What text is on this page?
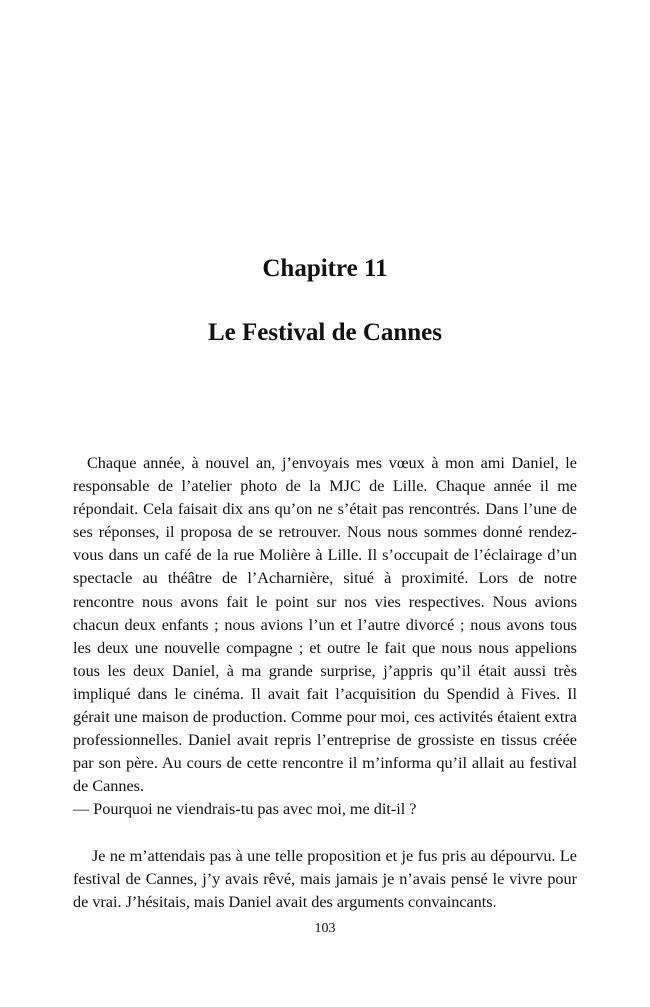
Chapitre 11
Le Festival de Cannes

Chaque année, à nouvel an, j’envoyais mes vœux à mon ami Daniel, le responsable de l’atelier photo de la MJC de Lille. Chaque année il me répondait. Cela faisait dix ans qu’on ne s’était pas rencontrés. Dans l’une de ses réponses, il proposa de se retrouver. Nous nous sommes donné rendez-vous dans un café de la rue Molière à Lille. Il s’occupait de l’éclairage d’un spectacle au théâtre de l’Acharnière, situé à proximité. Lors de notre rencontre nous avons fait le point sur nos vies respectives. Nous avions chacun deux enfants ; nous avions l’un et l’autre divorcé ; nous avons tous les deux une nouvelle compagne ; et outre le fait que nous nous appelions tous les deux Daniel, à ma grande surprise, j’appris qu’il était aussi très impliqué dans le cinéma. Il avait fait l’acquisition du Spendid à Fives. Il gérait une maison de production. Comme pour moi, ces activités étaient extra professionnelles. Daniel avait repris l’entreprise de grossiste en tissus créée par son père. Au cours de cette rencontre il m’informa qu’il allait au festival de Cannes.

— Pourquoi ne viendrais-tu pas avec moi, me dit-il ?

Je ne m’attendais pas à une telle proposition et je fus pris au dépourvu. Le festival de Cannes, j’y avais rêvé, mais jamais je n’avais pensé le vivre pour de vrai. J’hésitais, mais Daniel avait des arguments convaincants.

103
